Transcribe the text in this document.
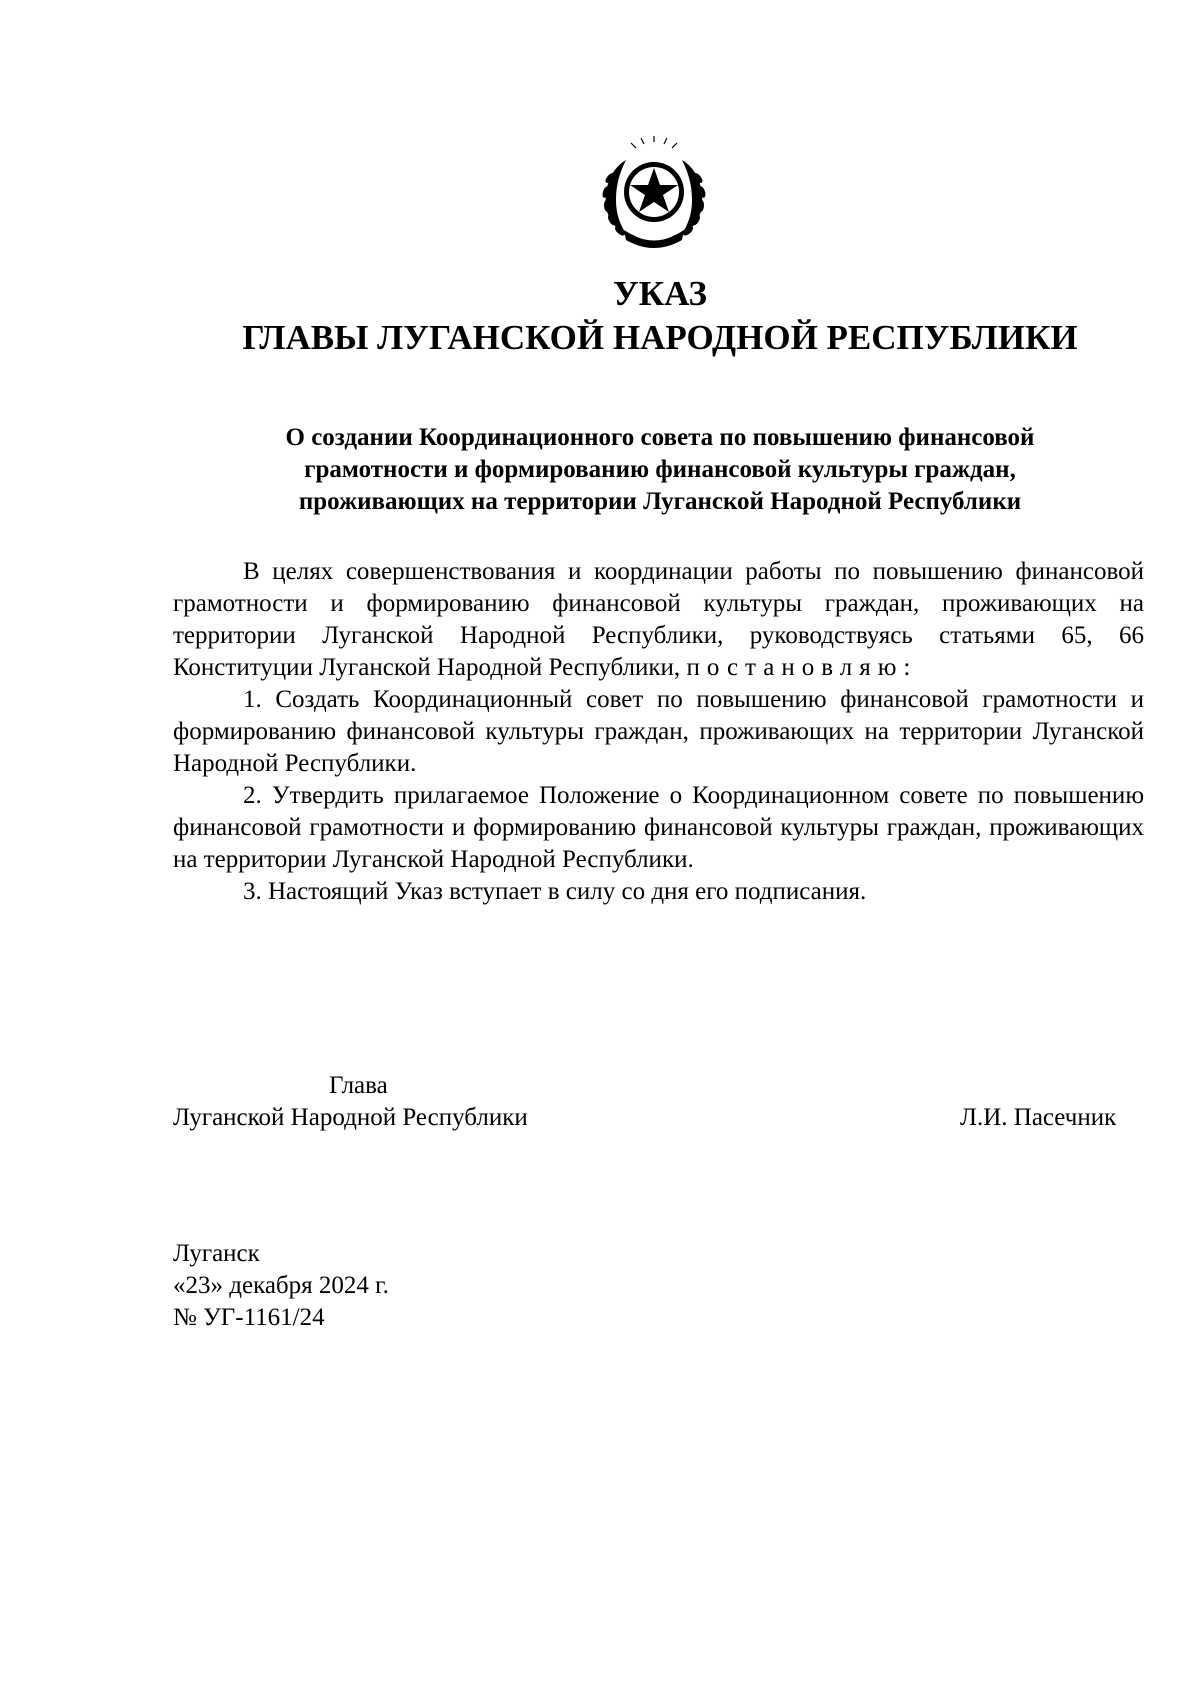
УКАЗ
ГЛАВЫ ЛУГАНСКОЙ НАРОДНОЙ РЕСПУБЛИКИ
О создании Координационного совета по повышению финансовой
грамотности и формированию финансовой культуры граждан,
проживающих на территории Луганской Народной Республики

В целях совершенствования и координации работы по повышению финансовой грамотности и формированию финансовой культуры граждан, проживающих на территории Луганской Народной Республики, руководствуясь статьями 65, 66 Конституции Луганской Народной Республики, постановляю:

1. Создать Координационный совет по повышению финансовой грамотности и формированию финансовой культуры граждан, проживающих на территории Луганской Народной Республики.

2. Утвердить прилагаемое Положение о Координационном совете по повышению финансовой грамотности и формированию финансовой культуры граждан, проживающих на территории Луганской Народной Республики.

3. Настоящий Указ вступает в силу со дня его подписания.

Глава
Луганской Народной Республики	Л.И. Пасечник
Луганск
«23» декабря 2024 г.
№ УГ-1161/24
